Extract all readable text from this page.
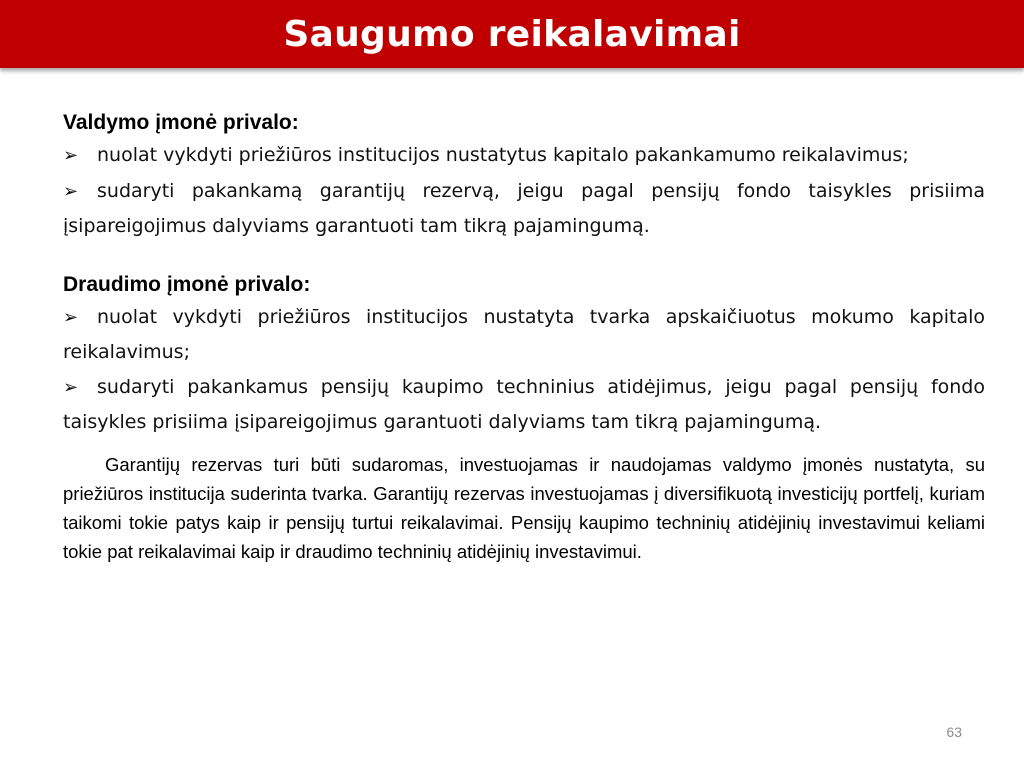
Saugumo reikalavimai

Valdymo įmonė privalo:

➢ nuolat vykdyti priežiūros institucijos nustatytus kapitalo pakankamumo reikalavimus;

➢ sudaryti pakankamą garantijų rezervą, jeigu pagal pensijų fondo taisykles prisiima įsipareigojimus dalyviams garantuoti tam tikrą pajamingumą.

Draudimo įmonė privalo:

➢ nuolat vykdyti priežiūros institucijos nustatyta tvarka apskaičiuotus mokumo kapitalo reikalavimus;

➢ sudaryti pakankamus pensijų kaupimo techninius atidėjimus, jeigu pagal pensijų fondo taisykles prisiima įsipareigojimus garantuoti dalyviams tam tikrą pajamingumą.

Garantijų rezervas turi būti sudaromas, investuojamas ir naudojamas valdymo įmonės nustatyta, su priežiūros institucija suderinta tvarka. Garantijų rezervas investuojamas į diversifikuotą investicijų portfelį, kuriam taikomi tokie patys kaip ir pensijų turtui reikalavimai. Pensijų kaupimo techninių atidėjinių investavimui keliami tokie pat reikalavimai kaip ir draudimo techninių atidėjinių investavimui.

63
